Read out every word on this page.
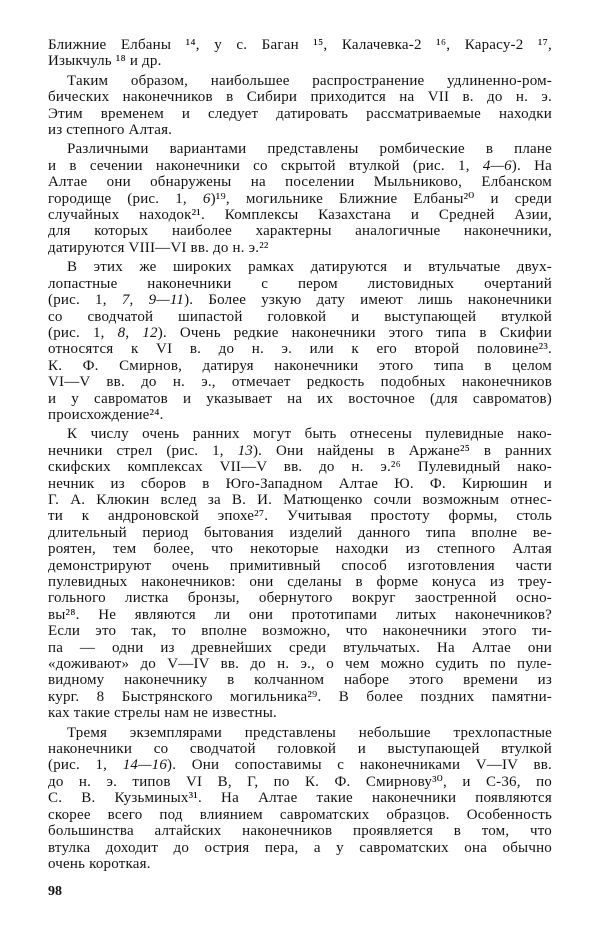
Ближние Елбаны ¹⁴, у с. Баган ¹⁵, Калачевка-2 ¹⁶, Карасу-2 ¹⁷,
Изыкчуль ¹⁸ и др.
Таким образом, наибольшее распространение удлиненно-ром-
бических наконечников в Сибири приходится на VII в. до н. э.
Этим временем и следует датировать рассматриваемые находки
из степного Алтая.
Различными вариантами представлены ромбические в плане
и в сечении наконечники со скрытой втулкой (рис. 1, 4—6). На
Алтае они обнаружены на поселении Мыльниково, Елбанском
городище (рис. 1, 6)¹⁹, могильнике Ближние Елбаны²⁰ и среди
случайных находок²¹. Комплексы Казахстана и Средней Азии,
для которых наиболее характерны аналогичные наконечники,
датируются VIII—VI вв. до н. э.²²
В этих же широких рамках датируются и втульчатые двух-
лопастные наконечники с пером листовидных очертаний
(рис. 1, 7, 9—11). Более узкую дату имеют лишь наконечники
со сводчатой шипастой головкой и выступающей втулкой
(рис. 1, 8, 12). Очень редкие наконечники этого типа в Скифии
относятся к VI в. до н. э. или к его второй половине²³.
К. Ф. Смирнов, датируя наконечники этого типа в целом
VI—V вв. до н. э., отмечает редкость подобных наконечников
и у савроматов и указывает на их восточное (для савроматов)
происхождение²⁴.
К числу очень ранних могут быть отнесены пулевидные нако-
нечники стрел (рис. 1, 13). Они найдены в Аржане²⁵ в ранних
скифских комплексах VII—V вв. до н. э.²⁶ Пулевидный нако-
нечник из сборов в Юго-Западном Алтае Ю. Ф. Кирюшин и
Г. А. Клюкин вслед за В. И. Матющенко сочли возможным отнес-
ти к андроновской эпохе²⁷. Учитывая простоту формы, столь
длительный период бытования изделий данного типа вполне ве-
роятен, тем более, что некоторые находки из степного Алтая
демонстрируют очень примитивный способ изготовления части
пулевидных наконечников: они сделаны в форме конуса из треу-
гольного листка бронзы, обернутого вокруг заостренной осно-
вы²⁸. Не являются ли они прототипами литых наконечников?
Если это так, то вполне возможно, что наконечники этого ти-
па — одни из древнейших среди втульчатых. На Алтае они
«доживают» до V—IV вв. до н. э., о чем можно судить по пуле-
видному наконечнику в колчанном наборе этого времени из
кург. 8 Быстрянского могильника²⁹. В более поздних памятни-
ках такие стрелы нам не известны.
Тремя экземплярами представлены небольшие трехлопастные
наконечники со сводчатой головкой и выступающей втулкой
(рис. 1, 14—16). Они сопоставимы с наконечниками V—IV вв.
до н. э. типов VI В, Г, по К. Ф. Смирнову³⁰, и С-36, по
С. В. Кузьминых³¹. На Алтае такие наконечники появляются
скорее всего под влиянием савроматских образцов. Особенность
большинства алтайских наконечников проявляется в том, что
втулка доходит до острия пера, а у савроматских она обычно
очень короткая.
98
